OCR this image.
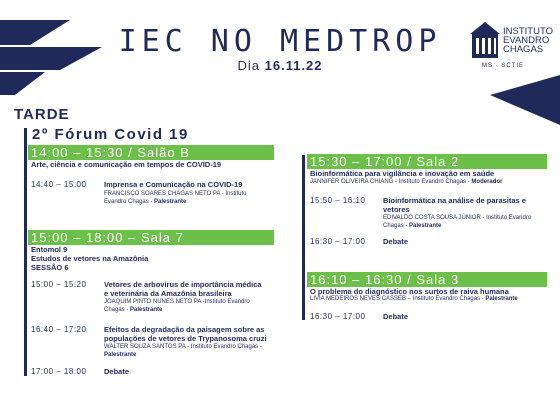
IEC NO MEDTROP
Dia 16.11.22
INSTITUTO
EVANDRO
CHAGAS
MS · SCTIE
TARDE
2º Fórum Covid 19
14:00 – 15:30 / Salão B
Arte, ciência e comunicação em tempos de COVID-19
14:40 – 15:00 Imprensa e Comunicação na COVID-19
FRANCISCO SOARES CHAGAS NETO PA - Instituto
Evandro Chagas - Palestrante
15:00 – 18:00 – Sala 7
Entomol 9
Estudos de vetores na Amazônia
SESSÃO 6
15:00 – 15:20 Vetores de arbovírus de importância médica
e veterinária da Amazônia brasileira
JOAQUIM PINTO NUNES NETO PA -Instituto Evandro
Chagas - Palestrante
16:40 – 17:20 Efeitos da degradação da paisagem sobre as
populações de vetores de Trypanosoma cruzi
WALTER SOUZA SANTOS PA - Instituto Evandro Chagas -
Palestrante
17:00 – 18:00 Debate
15:30 – 17:00 / Sala 2
Bioinformática para vigilância e inovação em saúde
JANNIFER OLIVEIRA CHIANG - Instituto Evandro Chagas - Moderador
15:50 – 16:10 Bioinformática na análise de parasitas e
vetores
EDIVALDO COSTA SOUSA JÚNIOR - Instituto Evandro
Chagas - Palestrante
16:30 – 17:00 Debate
16:10 – 16:30 / Sala 3
O problema do diagnóstico nos surtos de raiva humana
LIVIA MEDEIROS NEVES CASSEB – Instituto Evandro Chagas - Palestrante
16:30 – 17:00 Debate
